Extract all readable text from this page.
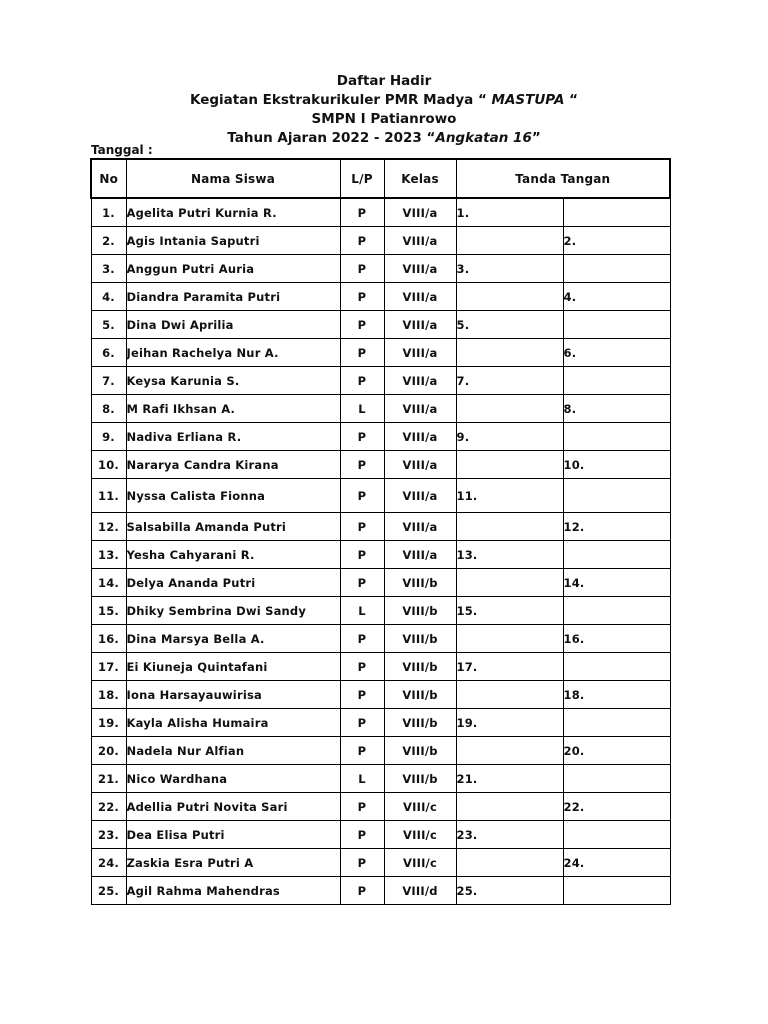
Daftar Hadir
Kegiatan Ekstrakurikuler PMR Madya “ MASTUPA “
SMPN I Patianrowo
Tahun Ajaran 2022 - 2023 “Angkatan 16”
Tanggal :
No	Nama Siswa	L/P	Kelas	Tanda Tangan	
1.	Agelita Putri Kurnia R.	P	VIII/a	1.	
2.	Agis Intania Saputri	P	VIII/a		2.
3.	Anggun Putri Auria	P	VIII/a	3.	
4.	Diandra Paramita Putri	P	VIII/a		4.
5.	Dina Dwi Aprilia	P	VIII/a	5.	
6.	Jeihan Rachelya Nur A.	P	VIII/a		6.
7.	Keysa Karunia S.	P	VIII/a	7.	
8.	M Rafi Ikhsan A.	L	VIII/a		8.
9.	Nadiva Erliana R.	P	VIII/a	9.	
10.	Nararya Candra Kirana	P	VIII/a		10.
11.	Nyssa Calista Fionna	P	VIII/a	11.	
12.	Salsabilla Amanda Putri	P	VIII/a		12.
13.	Yesha Cahyarani R.	P	VIII/a	13.	
14.	Delya Ananda Putri	P	VIII/b		14.
15.	Dhiky Sembrina Dwi Sandy	L	VIII/b	15.	
16.	Dina Marsya Bella A.	P	VIII/b		16.
17.	Ei Kiuneja Quintafani	P	VIII/b	17.	
18.	Iona Harsayauwirisa	P	VIII/b		18.
19.	Kayla Alisha Humaira	P	VIII/b	19.	
20.	Nadela Nur Alfian	P	VIII/b		20.
21.	Nico Wardhana	L	VIII/b	21.	
22.	Adellia Putri Novita Sari	P	VIII/c		22.
23.	Dea Elisa Putri	P	VIII/c	23.	
24.	Zaskia Esra Putri A	P	VIII/c		24.
25.	Agil Rahma Mahendras	P	VIII/d	25.	
